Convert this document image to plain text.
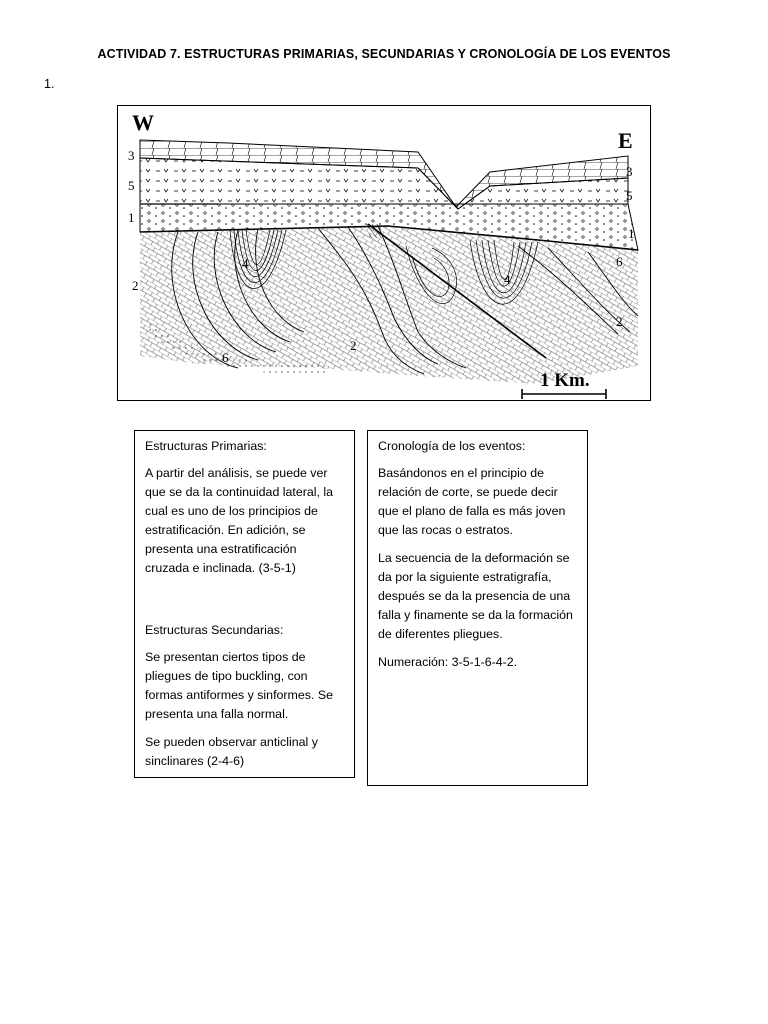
ACTIVIDAD 7. ESTRUCTURAS PRIMARIAS, SECUNDARIAS Y CRONOLOGÍA DE LOS EVENTOS
1.
W
E
1 Km.
3
5
1
2
6
4
2
3
5
1
6
2
4

Estructuras Primarias:

A partir del análisis, se puede ver que se da la continuidad lateral, la cual es uno de los principios de estratificación. En adición, se presenta una estratificación cruzada e inclinada. (3-5-1)

Estructuras Secundarias:

Se presentan ciertos tipos de pliegues de tipo buckling, con formas antiformes y sinformes. Se presenta una falla normal.

Se pueden observar anticlinal y sinclinares (2-4-6)

Cronología de los eventos:

Basándonos en el principio de relación de corte, se puede decir que el plano de falla es más joven que las rocas o estratos.

La secuencia de la deformación se da por la siguiente estratigrafía, después se da la presencia de una falla y finamente se da la formación de diferentes pliegues.

Numeración: 3-5-1-6-4-2.
